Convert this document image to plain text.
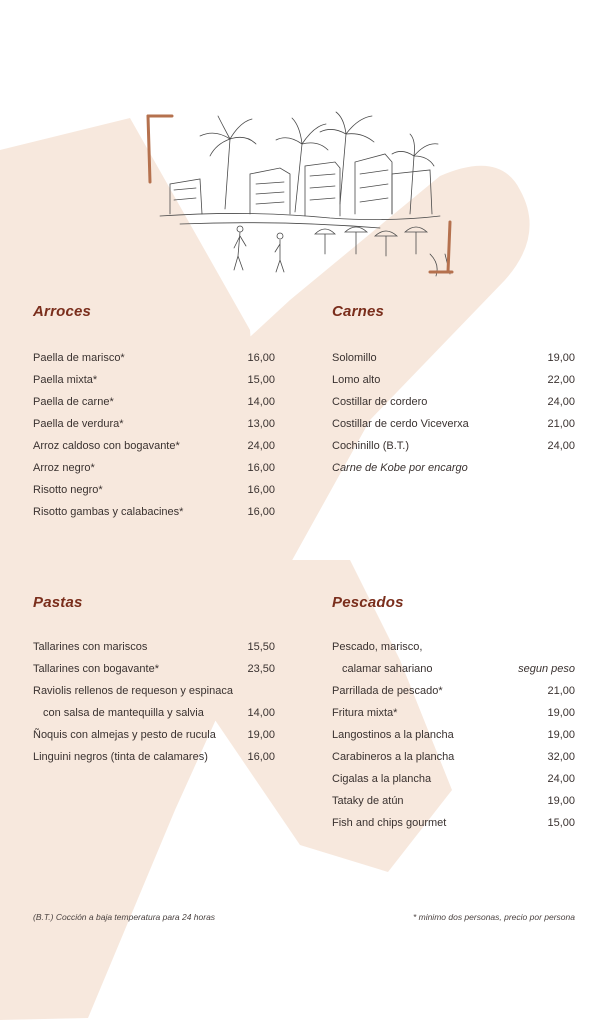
Arroces
Paella de marisco*	16,00
Paella mixta*	15,00
Paella de carne*	14,00
Paella de verdura*	13,00
Arroz caldoso con bogavante*	24,00
Arroz negro*	16,00
Risotto negro*	16,00
Risotto gambas y calabacines*	16,00
Carnes
Solomillo	19,00
Lomo alto	22,00
Costillar de cordero	24,00
Costillar de cerdo Viceverxa	21,00
Cochinillo (B.T.)	24,00
Carne de Kobe por encargo
Pastas
Tallarines con mariscos	15,50
Tallarines con bogavante*	23,50
Raviolis rellenos de requeson y espinaca
con salsa de mantequilla y salvia	14,00
Ñoquis con almejas y pesto de rucula	19,00
Linguini negros (tinta de calamares)	16,00
Pescados
Pescado, marisco,
calamar sahariano	segun peso
Parrillada de pescado*	21,00
Fritura mixta*	19,00
Langostinos a la plancha	19,00
Carabineros a la plancha	32,00
Cigalas a la plancha	24,00
Tataky de atún	19,00
Fish and chips gourmet	15,00

(B.T.) Cocción a baja temperatura para 24 horas	* minimo dos personas, precio por persona
